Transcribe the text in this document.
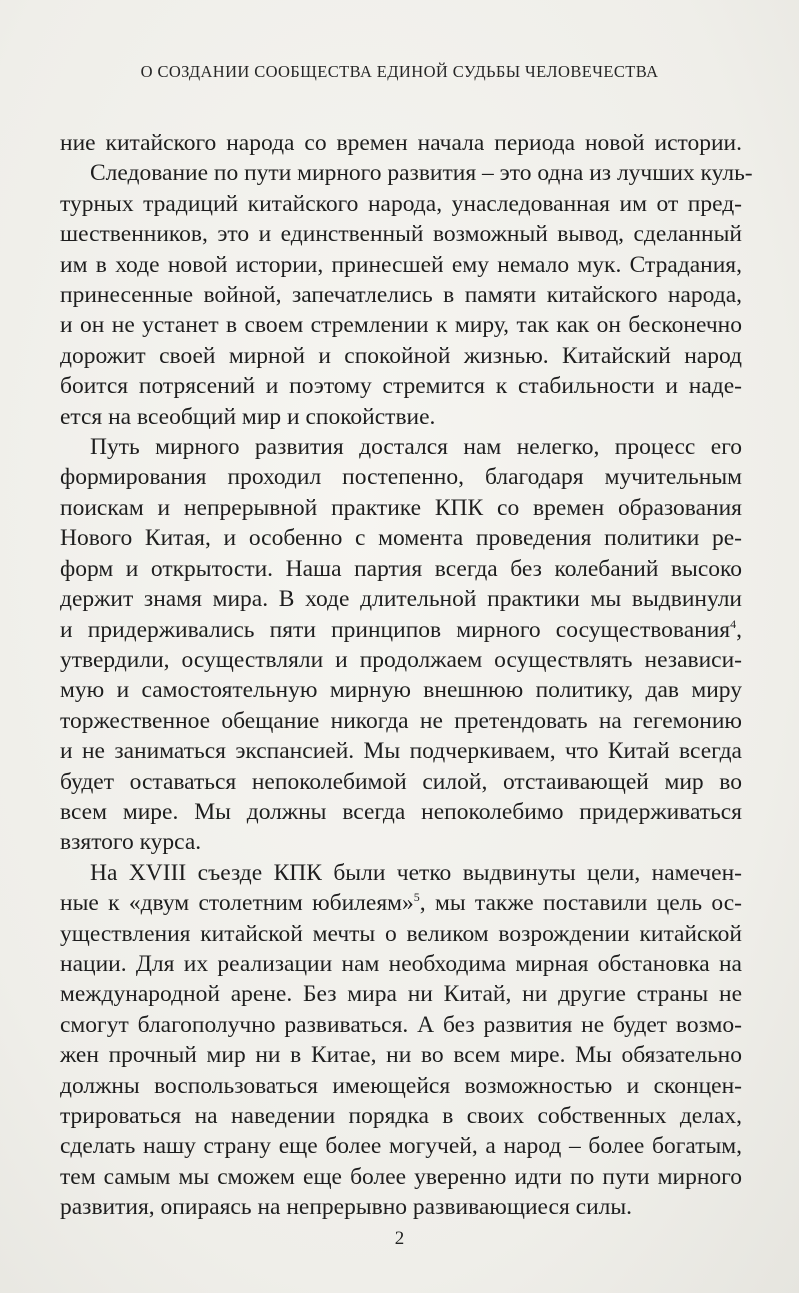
О СОЗДАНИИ СООБЩЕСТВА ЕДИНОЙ СУДЬБЫ ЧЕЛОВЕЧЕСТВА

ние китайского народа со времен начала периода новой истории.
Следование по пути мирного развития – это одна из лучших куль-
турных традиций китайского народа, унаследованная им от пред-
шественников, это и единственный возможный вывод, сделанный
им в ходе новой истории, принесшей ему немало мук. Страдания,
принесенные войной, запечатлелись в памяти китайского народа,
и он не устанет в своем стремлении к миру, так как он бесконечно
дорожит своей мирной и спокойной жизнью. Китайский народ
боится потрясений и поэтому стремится к стабильности и наде-
ется на всеобщий мир и спокойствие.

Путь мирного развития достался нам нелегко, процесс его
формирования проходил постепенно, благодаря мучительным
поискам и непрерывной практике КПК со времен образования
Нового Китая, и особенно с момента проведения политики ре-
форм и открытости. Наша партия всегда без колебаний высоко
держит знамя мира. В ходе длительной практики мы выдвинули
и придерживались пяти принципов мирного сосуществования$^4$,
утвердили, осуществляли и продолжаем осуществлять независи-
мую и самостоятельную мирную внешнюю политику, дав миру
торжественное обещание никогда не претендовать на гегемонию
и не заниматься экспансией. Мы подчеркиваем, что Китай всегда
будет оставаться непоколебимой силой, отстаивающей мир во
всем мире. Мы должны всегда непоколебимо придерживаться
взятого курса.

На XVIII съезде КПК были четко выдвинуты цели, намечен-
ные к «двум столетним юбилеям»$^5$, мы также поставили цель ос-
уществления китайской мечты о великом возрождении китайской
нации. Для их реализации нам необходима мирная обстановка на
международной арене. Без мира ни Китай, ни другие страны не
смогут благополучно развиваться. А без развития не будет возмо-
жен прочный мир ни в Китае, ни во всем мире. Мы обязательно
должны воспользоваться имеющейся возможностью и сконцен-
трироваться на наведении порядка в своих собственных делах,
сделать нашу страну еще более могучей, а народ – более богатым,
тем самым мы сможем еще более уверенно идти по пути мирного
развития, опираясь на непрерывно развивающиеся силы.

2
